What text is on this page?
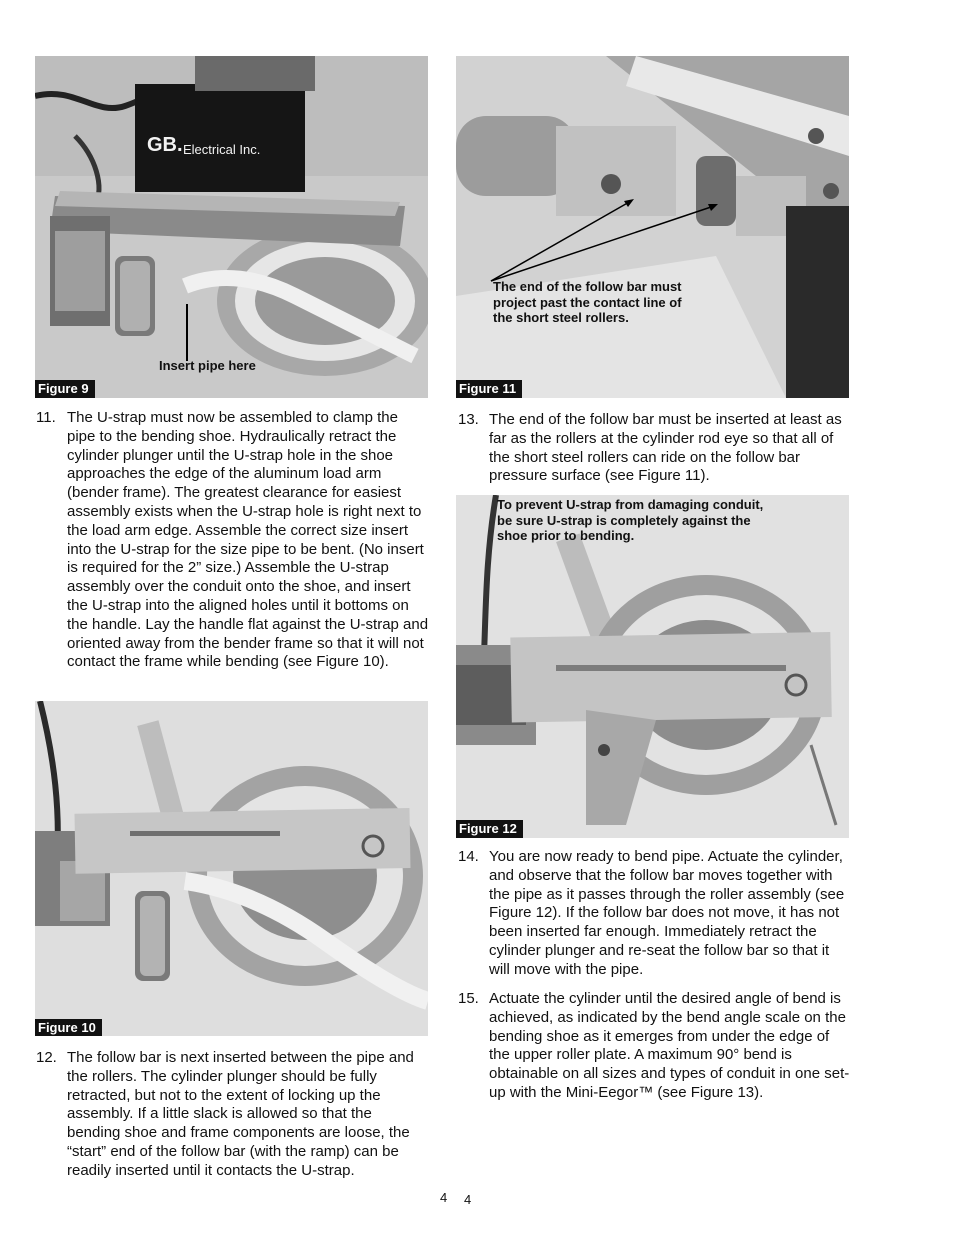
GB. Electrical Inc.
Insert pipe here
Figure 9
The end of the follow bar must project past the contact line of the short steel rollers.
Figure 11
11. The U-strap must now be assembled to clamp the pipe to the bending shoe. Hydraulically retract the cylinder plunger until the U-strap hole in the shoe approaches the edge of the aluminum load arm (bender frame). The greatest clearance for easiest assembly exists when the U-strap hole is right next to the load arm edge. Assemble the correct size insert into the U-strap for the size pipe to be bent. (No insert is required for the 2” size.) Assemble the U-strap assembly over the conduit onto the shoe, and insert the U-strap into the aligned holes until it bottoms on the handle. Lay the handle flat against the U-strap and oriented away from the bender frame so that it will not contact the frame while bending (see Figure 10).
13. The end of the follow bar must be inserted at least as far as the rollers at the cylinder rod eye so that all of the short steel rollers can ride on the follow bar pressure surface (see Figure 11).
To prevent U-strap from damaging conduit, be sure U-strap is completely against the shoe prior to bending.
Figure 12
Figure 10
14. You are now ready to bend pipe. Actuate the cylinder, and observe that the follow bar moves together with the pipe as it passes through the roller assembly (see Figure 12). If the follow bar does not move, it has not been inserted far enough. Immediately retract the cylinder plunger and re-seat the follow bar so that it will move with the pipe.
15. Actuate the cylinder until the desired angle of bend is achieved, as indicated by the bend angle scale on the bending shoe as it emerges from under the edge of the upper roller plate. A maximum 90° bend is obtainable on all sizes and types of conduit in one set-up with the Mini-Eegor™ (see Figure 13).
12. The follow bar is next inserted between the pipe and the rollers. The cylinder plunger should be fully retracted, but not to the extent of locking up the assembly. If a little slack is allowed so that the bending shoe and frame components are loose, the “start” end of the follow bar (with the ramp) can be readily inserted until it contacts the U-strap.
4 4
